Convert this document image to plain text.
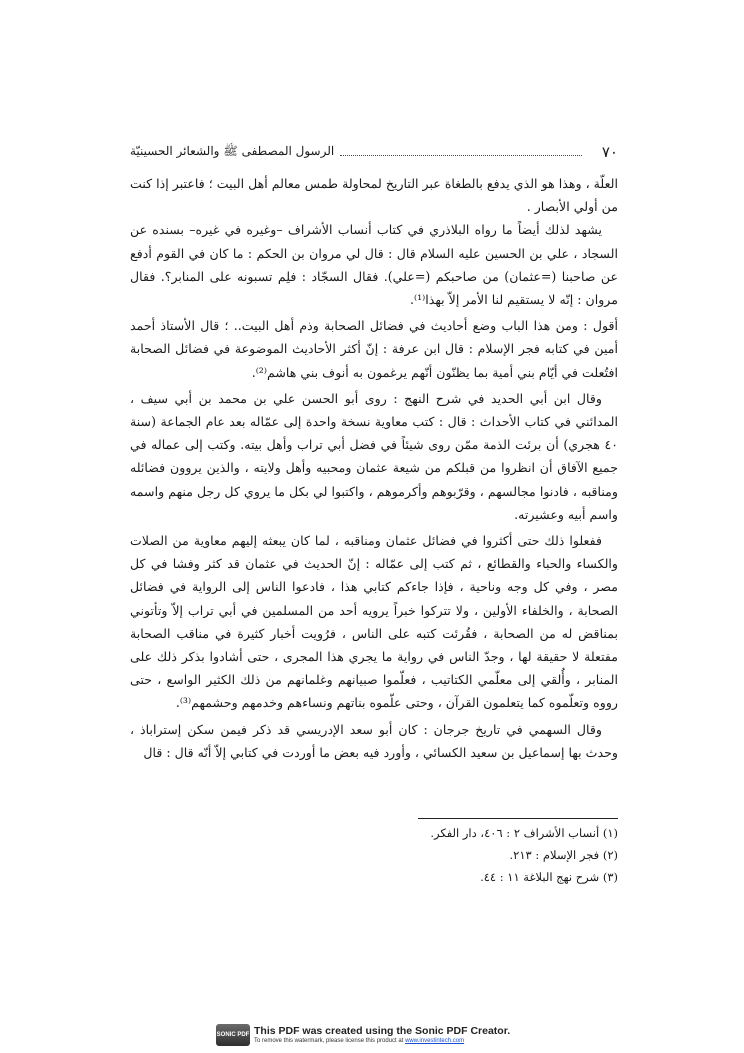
٧٠
الرسول المصطفى ﷺ والشعائر الحسينيّة

العلّة ، وهذا هو الذي يدفع بالطغاة عبر التاريخ لمحاولة طمس معالم أهل البيت ؛ فاعتبر إذا كنت من أولي الأبصار .

يشهد لذلك أيضاً ما رواه البلاذري في كتاب أنساب الأشراف –وغيره في غيره– بسنده عن السجاد ، علي بن الحسين عليه السلام قال : قال لي مروان بن الحكم : ما كان في القوم أدفع عن صاحبنا (=عثمان) من صاحبكم (=علي). فقال السجّاد : فلِم تسبونه على المنابر؟. فقال مروان : إنّه لا يستقيم لنا الأمر إلاّ بهذا⁽¹⁾.

أقول : ومن هذا الباب وضع أحاديث في فضائل الصحابة وذم أهل البيت.. ؛ قال الأستاذ أحمد أمين في كتابه فجر الإسلام : قال ابن عرفة : إنّ أكثر الأحاديث الموضوعة في فضائل الصحابة افتُعلت في أيّام بني أمية بما يظنّون أنّهم يرغمون به أنوف بني هاشم⁽²⁾.

وقال ابن أبي الحديد في شرح النهج : روى أبو الحسن علي بن محمد بن أبي سيف ، المدائني في كتاب الأحداث : قال : كتب معاوية نسخة واحدة إلى عمّاله بعد عام الجماعة (سنة ٤٠ هجري) أن برئت الذمة ممّن روى شيئاً في فضل أبي تراب وأهل بيته. وكتب إلى عماله في جميع الآفاق أن انظروا من قبلكم من شيعة عثمان ومحبيه وأهل ولايته ، والذين يروون فضائله ومناقبه ، فادنوا مجالسهم ، وقرّبوهم وأكرموهم ، واكتبوا لي بكل ما يروي كل رجل منهم واسمه واسم أبيه وعشيرته.

ففعلوا ذلك حتى أكثروا في فضائل عثمان ومناقبه ، لما كان يبعثه إليهم معاوية من الصلات والكساء والحباء والقطائع ، ثم كتب إلى عمّاله : إنّ الحديث في عثمان قد كثر وفشا في كل مصر ، وفي كل وجه وناحية ، فإذا جاءكم كتابي هذا ، فادعوا الناس إلى الرواية في فضائل الصحابة ، والخلفاء الأولين ، ولا تتركوا خبراً يرويه أحد من المسلمين في أبي تراب إلاّ وتأتوني بمناقض له من الصحابة ، فقُرئت كتبه على الناس ، فرُويت أخبار كثيرة في مناقب الصحابة مفتعلة لا حقيقة لها ، وجدّ الناس في رواية ما يجري هذا المجرى ، حتى أشادوا بذكر ذلك على المنابر ، وأُلقي إلى معلّمي الكتاتيب ، فعلّموا صبيانهم وغلمانهم من ذلك الكثير الواسع ، حتى رووه وتعلّموه كما يتعلمون القرآن ، وحتى علّموه بناتهم ونساءهم وخدمهم وحشمهم⁽³⁾.

وقال السهمي في تاريخ جرجان : كان أبو سعد الإدريسي قد ذكر فيمن سكن إستراباذ ، وحدث بها إسماعيل بن سعيد الكسائي ، وأورد فيه بعض ما أوردت في كتابي إلاّ أنّه قال : قال

(١) أنساب الأشراف ٢ : ٤٠٦، دار الفكر.
(٢) فجر الإسلام : ٢١٣.
(٣) شرح نهج البلاغة ١١ : ٤٤.
SONIC PDF This PDF was created using the Sonic PDF Creator.
To remove this watermark, please license this product at www.investintech.com
